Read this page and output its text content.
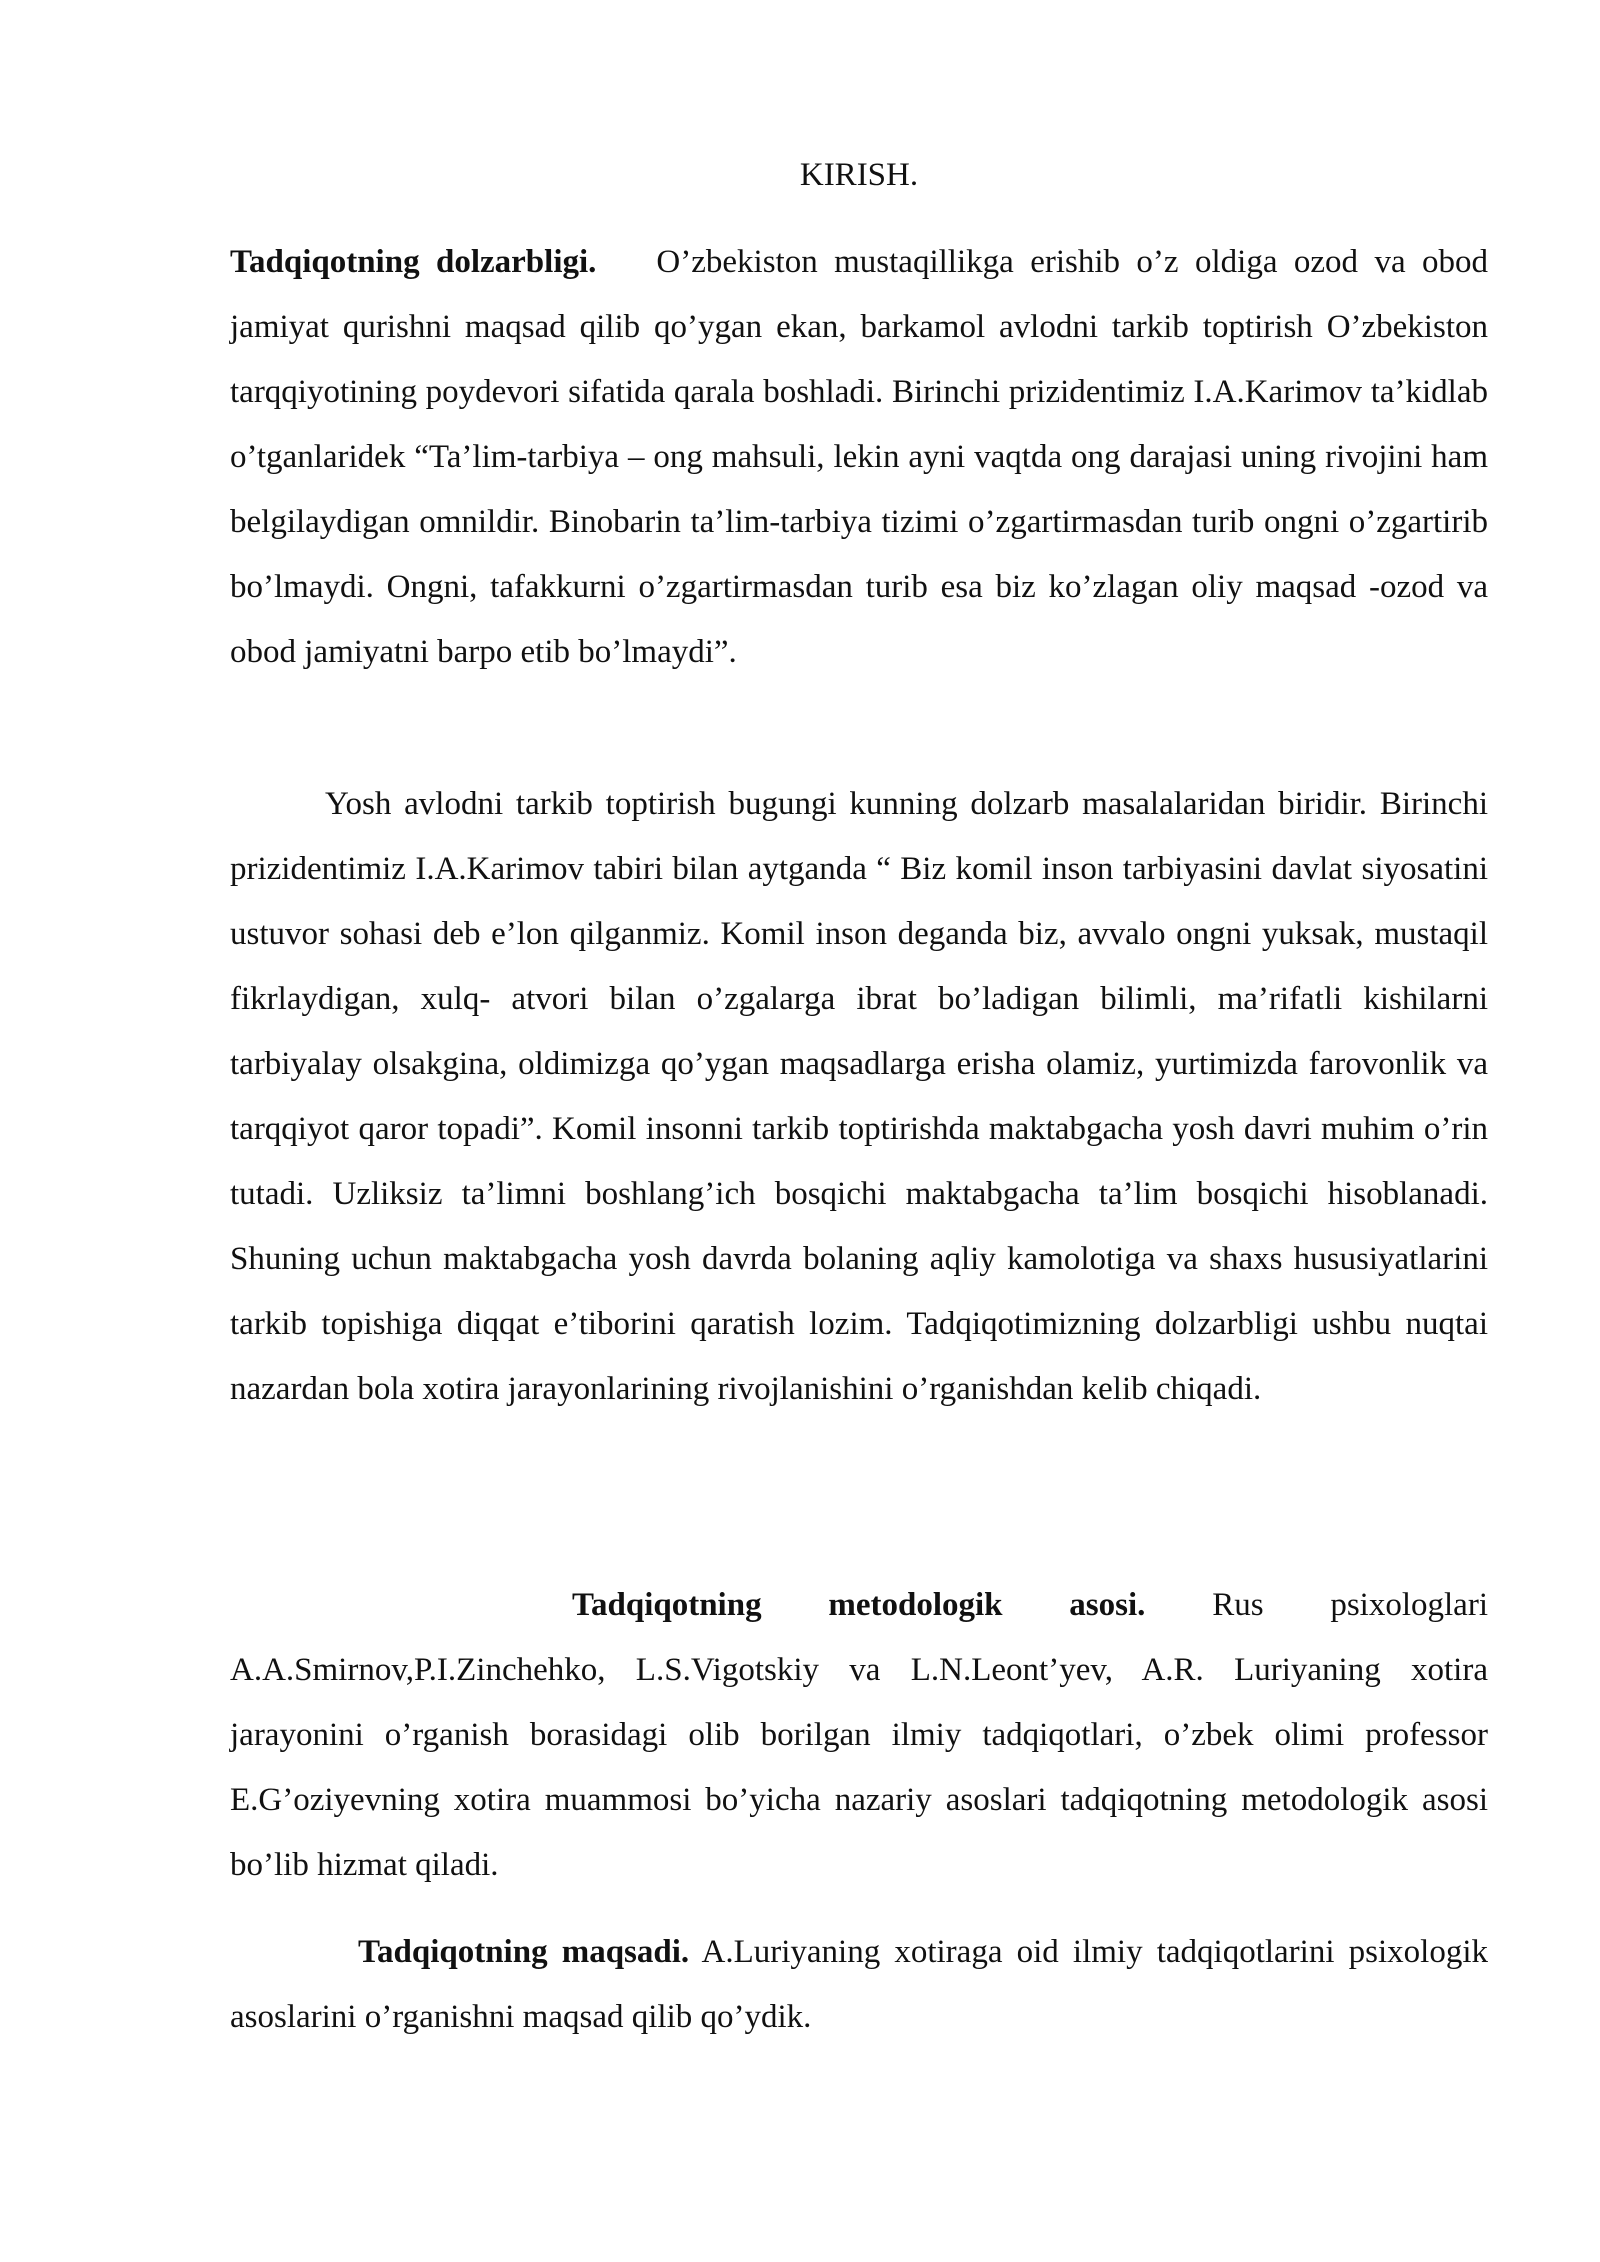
KIRISH.

Tadqiqotning dolzarbligi. O’zbekiston mustaqillikga erishib o’z oldiga ozod va obod jamiyat qurishni maqsad qilib qo’ygan ekan, barkamol avlodni tarkib toptirish O’zbekiston tarqqiyotining poydevori sifatida qarala boshladi. Birinchi prizidentimiz I.A.Karimov ta’kidlab o’tganlaridek “Ta’lim-tarbiya – ong mahsuli, lekin ayni vaqtda ong darajasi uning rivojini ham belgilaydigan omnildir. Binobarin ta’lim-tarbiya tizimi o’zgartirmasdan turib ongni o’zgartirib bo’lmaydi. Ongni, tafakkurni o’zgartirmasdan turib esa biz ko’zlagan oliy maqsad -ozod va obod jamiyatni barpo etib bo’lmaydi”.

Yosh avlodni tarkib toptirish bugungi kunning dolzarb masalalaridan biridir. Birinchi prizidentimiz I.A.Karimov tabiri bilan aytganda “ Biz komil inson tarbiyasini davlat siyosatini ustuvor sohasi deb e’lon qilganmiz. Komil inson deganda biz, avvalo ongni yuksak, mustaqil fikrlaydigan, xulq- atvori bilan o’zgalarga ibrat bo’ladigan bilimli, ma’rifatli kishilarni tarbiyalay olsakgina, oldimizga qo’ygan maqsadlarga erisha olamiz, yurtimizda farovonlik va tarqqiyot qaror topadi”. Komil insonni tarkib toptirishda maktabgacha yosh davri muhim o’rin tutadi. Uzliksiz ta’limni boshlang’ich bosqichi maktabgacha ta’lim bosqichi hisoblanadi. Shuning uchun maktabgacha yosh davrda bolaning aqliy kamolotiga va shaxs hususiyatlarini tarkib topishiga diqqat e’tiborini qaratish lozim. Tadqiqotimizning dolzarbligi ushbu nuqtai nazardan bola xotira jarayonlarining rivojlanishini o’rganishdan kelib chiqadi.

Tadqiqotning metodologik asosi. Rus psixologlari A.A.Smirnov,P.I.Zinchehko, L.S.Vigotskiy va L.N.Leont’yev, A.R. Luriyaning xotira jarayonini o’rganish borasidagi olib borilgan ilmiy tadqiqotlari, o’zbek olimi professor E.G’oziyevning xotira muammosi bo’yicha nazariy asoslari tadqiqotning metodologik asosi bo’lib hizmat qiladi.

Tadqiqotning maqsadi. A.Luriyaning xotiraga oid ilmiy tadqiqotlarini psixologik asoslarini o’rganishni maqsad qilib qo’ydik.
